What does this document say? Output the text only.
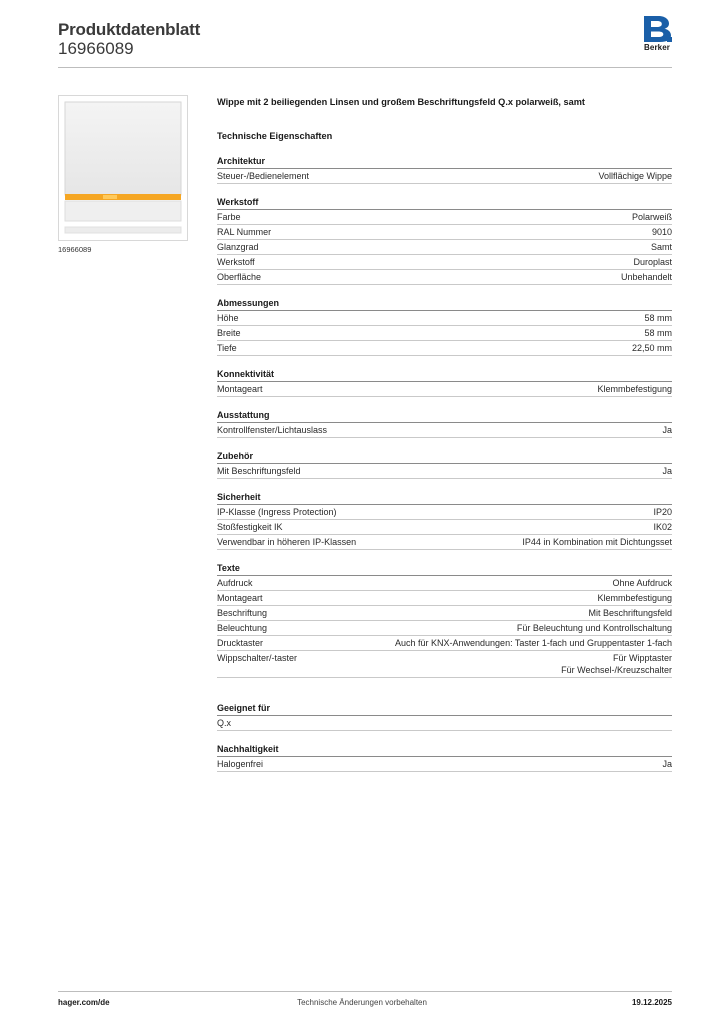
Produktdatenblatt
16966089	Berker
16966089
Wippe mit 2 beiliegenden Linsen und großem Beschriftungsfeld Q.x polarweiß, samt
Technische Eigenschaften
Architektur
Steuer-/Bedienelement	Vollflächige Wippe
Werkstoff
Farbe	Polarweiß
RAL Nummer	9010
Glanzgrad	Samt
Werkstoff	Duroplast
Oberfläche	Unbehandelt
Abmessungen
Höhe	58 mm
Breite	58 mm
Tiefe	22,50 mm
Konnektivität
Montageart	Klemmbefestigung
Ausstattung
Kontrollfenster/Lichtauslass	Ja
Zubehör
Mit Beschriftungsfeld	Ja
Sicherheit
IP-Klasse (Ingress Protection)	IP20
Stoßfestigkeit IK	IK02
Verwendbar in höheren IP-Klassen	IP44 in Kombination mit Dichtungsset
Texte
Aufdruck	Ohne Aufdruck
Montageart	Klemmbefestigung
Beschriftung	Mit Beschriftungsfeld
Beleuchtung	Für Beleuchtung und Kontrollschaltung
Drucktaster	Auch für KNX-Anwendungen: Taster 1-fach und Gruppentaster 1-fach
Wippschalter/-taster	Für Wipptaster
Für Wechsel-/Kreuzschalter
Geeignet für
Q.x
Nachhaltigkeit
Halogenfrei	Ja
hager.com/de	Technische Änderungen vorbehalten	19.12.2025
